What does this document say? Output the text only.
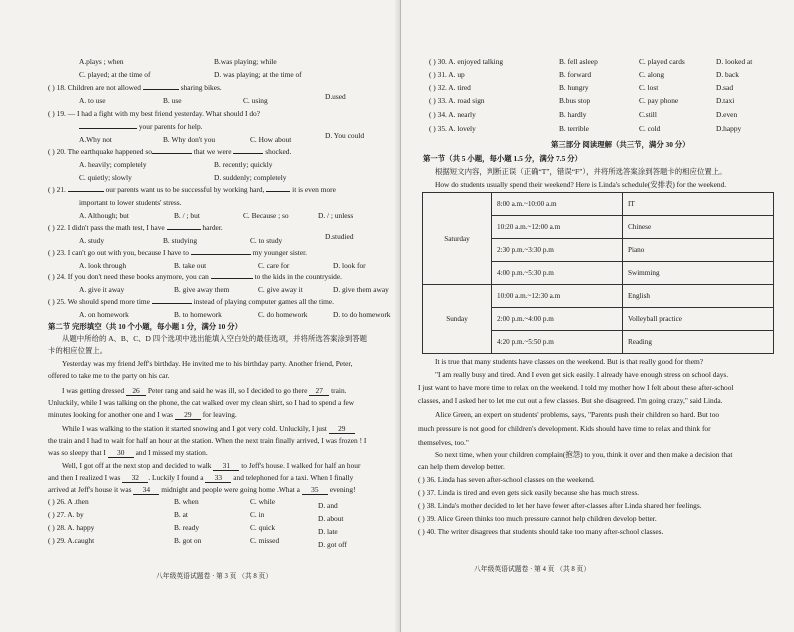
A.plays ; when	B.was playing; while
C. played; at the time of	D. was playing; at the time of
( ) 18. Children are not allowed	sharing bikes.
A. to use	B. use	C. using	D.used
( ) 19. — I had a fight with my best friend yesterday. What should I do?
your parents for help.
A.Why not	B. Why don't you	C. How about	D. You could
( ) 20. The earthquake happened so	that we were	shocked.
A. heavily; completely	B. recently; quickly
C. quietly; slowly	D. suddenly; completely
( ) 21.	our parents want us to be successful by working hard,	it is even more
important to lower students' stress.
A. Although; but	B. / ; but	C. Because ; so	D. / ; unless
( ) 22. I didn't pass the math test, I have	harder.
A. study	B. studying	C. to study	D.studied
( ) 23. I can't go out with you, because I have to	my younger sister.
A. look through	B. take out	C. care for	D. look for
( ) 24. If you don't need these books anymore, you can	to the kids in the countryside.
A. give it away	B. give away them	C. give away it	D. give them away
( ) 25. We should spend more time	instead of playing computer games all the time.
A. on homework	B. to homework	C. do homework	D. to do homework
第二节 完形填空（共 10 个小题，每小题 1 分，满分 10 分）
从题中所给的 A、B、C、D 四个选项中选出能填入空白处的最佳选项，并将所选答案涂到答题
卡的相应位置上。
Yesterday was my friend Jeff's birthday. He invited me to his birthday party. Another friend, Peter,
offered to take me to the party on his car.
I was getting dressed 26 Peter rang and said he was ill, so I decided to go there 27 train.
Unluckily, while I was talking on the phone, the cat walked over my clean shirt, so I had to spend a few
minutes looking for another one and I was 29 for leaving.
While I was walking to the station it started snowing and I got very cold. Unluckily, I just 29
the train and I had to wait for half an hour at the station. When the next train finally arrived, I was frozen ! I
was so sleepy that I 30 and I missed my station.
Well, I got off at the next stop and decided to walk 31 to Jeff's house. I walked for half an hour
and then I realized I was 32 . Luckily I found a 33 and telephoned for a taxi. When I finally
arrived at Jeff's house it was 34 midnight and people were going home .What a 35 evening!
( ) 26. A .then	B. when	C. while	D. and
( ) 27. A. by	B. at	C. in	D. about
( ) 28. A. happy	B. ready	C. quick	D. late
( ) 29. A.caught	B. got on	C. missed	D. got off
八年级英语试题卷 · 第 3 页 （共 8 页）
( ) 30. A. enjoyed talking	B. fell asleep	C. played cards	D. looked at
( ) 31. A. up	B. forward	C. along	D. back
( ) 32. A. tired	B. hungry	C. lost	D.sad
( ) 33. A. road sign	B.bus stop	C. pay phone	D.taxi
( ) 34. A. nearly	B. hardly	C.still	D.even
( ) 35. A. lovely	B. terrible	C. cold	D.happy
第三部分 阅读理解（共三节，满分 30 分）
第一节（共 5 小题，每小题 1.5 分，满分 7.5 分）
根据短文内容，判断正误（正确“T”，错误“F”），并将所选答案涂到答题卡的相应位置上。
How do students usually spend their weekend? Here is Linda's schedule(安排表) for the weekend.
Saturday	8:00 a.m.~10:00 a.m	IT
	10:20 a.m.~12:00 a.m	Chinese
	2:30 p.m.~3:30 p.m	Piano
	4:00 p.m.~5:30 p.m	Swimming
Sunday	10:00 a.m.~12:30 a.m	English
	2:00 p.m.~4:00 p.m	Volleyball practice
	4:20 p.m.~5:50 p.m	Reading
It is true that many students have classes on the weekend. But is that really good for them?
"I am really busy and tired. And I even get sick easily. I already have enough stress on school days.
I just want to have more time to relax on the weekend. I told my mother how I felt about these after-school
classes, and I asked her to let me cut out a few classes. But she disagreed. I'm going crazy," said Linda.
Alice Green, an expert on students' problems, says, "Parents push their children so hard. But too
much pressure is not good for children's development. Kids should have time to relax and think for
themselves, too."
So next time, when your children complain(抱怨) to you, think it over and then make a decision that
can help them develop better.
( ) 36. Linda has seven after-school classes on the weekend.
( ) 37. Linda is tired and even gets sick easily because she has much stress.
( ) 38. Linda's mother decided to let her have fewer after-classes after Linda shared her feelings.
( ) 39. Alice Green thinks too much pressure cannot help children develop better.
( ) 40. The writer disagrees that students should take too many after-school classes.
八年级英语试题卷 · 第 4 页 （共 8 页）
